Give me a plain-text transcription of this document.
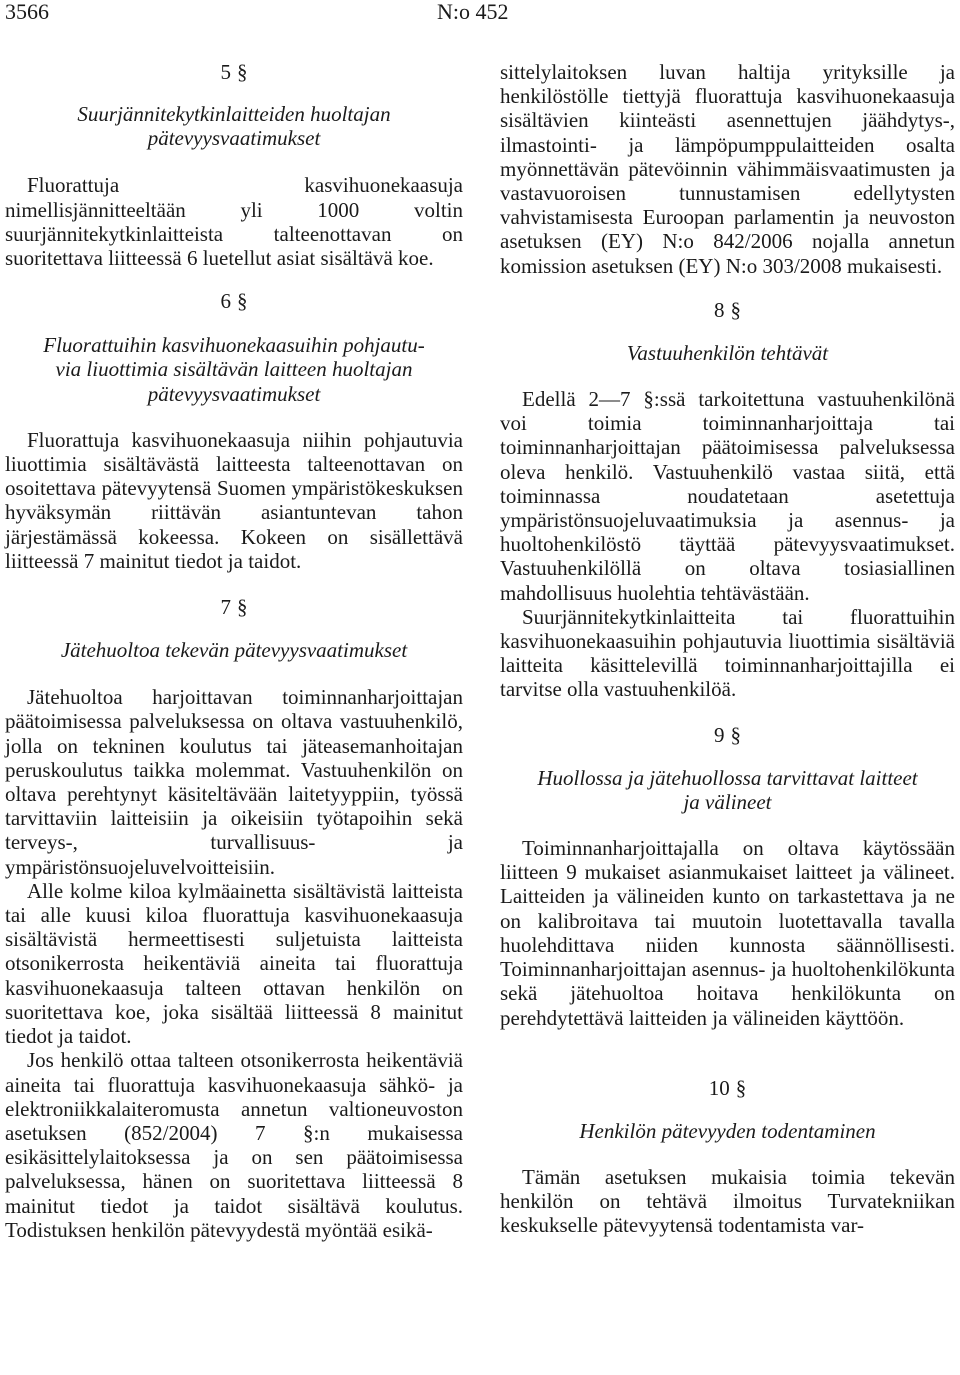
3566	N:o 452

5 §

Suurjännitekytkinlaitteiden huoltajan
pätevyysvaatimukset

Fluorattuja kasvihuonekaasuja nimellisjännitteeltään yli 1000 voltin suurjännitekytkinlaitteista talteenottavan on suoritettava liitteessä 6 luetellut asiat sisältävä koe.

6 §

Fluorattuihin kasvihuonekaasuihin pohjautu-
via liuottimia sisältävän laitteen huoltajan
pätevyysvaatimukset

Fluorattuja kasvihuonekaasuja niihin pohjautuvia liuottimia sisältävästä laitteesta talteenottavan on osoitettava pätevyytensä Suomen ympäristökeskuksen hyväksymän riittävän asiantuntevan tahon järjestämässä kokeessa. Kokeen on sisällettävä liitteessä 7 mainitut tiedot ja taidot.

7 §

Jätehuoltoa tekevän pätevyysvaatimukset

Jätehuoltoa harjoittavan toiminnanharjoittajan päätoimisessa palveluksessa on oltava vastuuhenkilö, jolla on tekninen koulutus tai jäteasemanhoitajan peruskoulutus taikka molemmat. Vastuuhenkilön on oltava perehtynyt käsiteltävään laitetyyppiin, työssä tarvittaviin laitteisiin ja oikeisiin työtapoihin sekä terveys-, turvallisuus- ja ympäristönsuojeluvelvoitteisiin.

Alle kolme kiloa kylmäainetta sisältävistä laitteista tai alle kuusi kiloa fluorattuja kasvihuonekaasuja sisältävistä hermeettisesti suljetuista laitteista otsonikerrosta heikentäviä aineita tai fluorattuja kasvihuonekaasuja talteen ottavan henkilön on suoritettava koe, joka sisältää liitteessä 8 mainitut tiedot ja taidot.

Jos henkilö ottaa talteen otsonikerrosta heikentäviä aineita tai fluorattuja kasvihuonekaasuja sähkö- ja elektroniikkalaiteromusta annetun valtioneuvoston asetuksen (852/2004) 7 §:n mukaisessa esikäsittelylaitoksessa ja on sen päätoimisessa palveluksessa, hänen on suoritettava liitteessä 8 mainitut tiedot ja taidot sisältävä koulutus. Todistuksen henkilön pätevyydestä myöntää esikä-

sittelylaitoksen luvan haltija yrityksille ja henkilöstölle tiettyjä fluorattuja kasvihuonekaasuja sisältävien kiinteästi asennettujen jäähdytys-, ilmastointi- ja lämpöpumppulaitteiden osalta myönnettävän pätevöinnin vähimmäisvaatimusten ja vastavuoroisen tunnustamisen edellytysten vahvistamisesta Euroopan parlamentin ja neuvoston asetuksen (EY) N:o 842/2006 nojalla annetun komission asetuksen (EY) N:o 303/2008 mukaisesti.

8 §

Vastuuhenkilön tehtävät

Edellä 2—7 §:ssä tarkoitettuna vastuuhenkilönä voi toimia toiminnanharjoittaja tai toiminnanharjoittajan päätoimisessa palveluksessa oleva henkilö. Vastuuhenkilö vastaa siitä, että toiminnassa noudatetaan asetettuja ympäristönsuojeluvaatimuksia ja asennus- ja huoltohenkilöstö täyttää pätevyysvaatimukset. Vastuuhenkilöllä on oltava tosiasiallinen mahdollisuus huolehtia tehtävästään.

Suurjännitekytkinlaitteita tai fluorattuihin kasvihuonekaasuihin pohjautuvia liuottimia sisältäviä laitteita käsittelevillä toiminnanharjoittajilla ei tarvitse olla vastuuhenkilöä.

9 §

Huollossa ja jätehuollossa tarvittavat laitteet
ja välineet

Toiminnanharjoittajalla on oltava käytössään liitteen 9 mukaiset asianmukaiset laitteet ja välineet. Laitteiden ja välineiden kunto on tarkastettava ja ne on kalibroitava tai muutoin luotettavalla tavalla huolehdittava niiden kunnosta säännöllisesti. Toiminnanharjoittajan asennus- ja huoltohenkilökunta sekä jätehuoltoa hoitava henkilökunta on perehdytettävä laitteiden ja välineiden käyttöön.

10 §

Henkilön pätevyyden todentaminen

Tämän asetuksen mukaisia toimia tekevän henkilön on tehtävä ilmoitus Turvatekniikan keskukselle pätevyytensä todentamista var-
